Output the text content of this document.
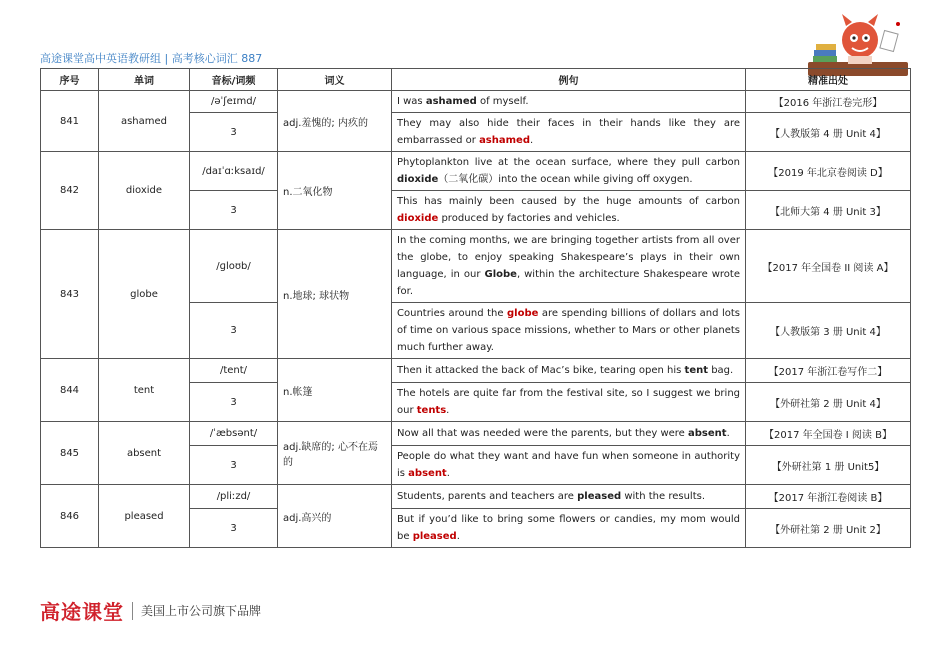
高途课堂高中英语教研组 | 高考核心词汇 887
序号	单词	音标/词频	词义	例句	精准出处
841	ashamed	/əˈʃeɪmd/	adj.羞愧的; 内疚的	I was ashamed of myself.	【2016 年浙江卷完形】
		3		They may also hide their faces in their hands like they are embarrassed or ashamed.	【人教版第 4 册 Unit 4】
842	dioxide	/daɪˈɑːksaɪd/	n.二氧化物	Phytoplankton live at the ocean surface, where they pull carbon dioxide（二氧化碳）into the ocean while giving off oxygen.	【2019 年北京卷阅读 D】
		3		This has mainly been caused by the huge amounts of carbon dioxide produced by factories and vehicles.	【北师大第 4 册 Unit 3】
843	globe	/ɡloʊb/	n.地球; 球状物	In the coming months, we are bringing together artists from all over the globe, to enjoy speaking Shakespeare’s plays in their own language, in our Globe, within the architecture Shakespeare wrote for.	【2017 年全国卷 II 阅读 A】
		3		Countries around the globe are spending billions of dollars and lots of time on various space missions, whether to Mars or other planets much further away.	【人教版第 3 册 Unit 4】
844	tent	/tent/	n.帐篷	Then it attacked the back of Mac’s bike, tearing open his tent bag.	【2017 年浙江卷写作二】
		3		The hotels are quite far from the festival site, so I suggest we bring our tents.	【外研社第 2 册 Unit 4】
845	absent	/ˈæbsənt/	adj.缺席的; 心不在焉的	Now all that was needed were the parents, but they were absent.	【2017 年全国卷 I 阅读 B】
		3		People do what they want and have fun when someone in authority is absent.	【外研社第 1 册 Unit5】
846	pleased	/pliːzd/	adj.高兴的	Students, parents and teachers are pleased with the results.	【2017 年浙江卷阅读 B】
		3		But if you’d like to bring some flowers or candies, my mom would be pleased.	【外研社第 2 册 Unit 2】
高途课堂 美国上市公司旗下品牌
